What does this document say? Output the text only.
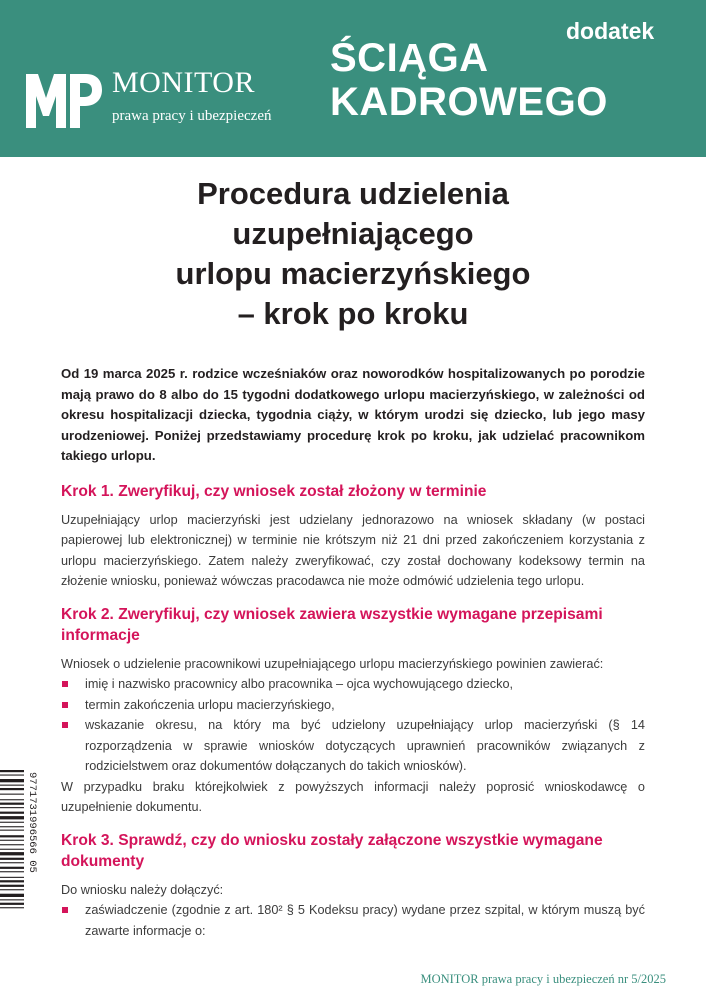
MONITOR
prawa pracy i ubezpieczeń
dodatek
ŚCIĄGA
KADROWEGO
Procedura udzielenia
uzupełniającego
urlopu macierzyńskiego
– krok po kroku

Od 19 marca 2025 r. rodzice wcześniaków oraz noworodków hospitalizowanych po porodzie mają prawo do 8 albo do 15 tygodni dodatkowego urlopu macierzyńskiego, w zależności od okresu hospitalizacji dziecka, tygodnia ciąży, w którym urodzi się dziecko, lub jego masy urodzeniowej. Poniżej przedstawiamy procedurę krok po kroku, jak udzielać pracownikom takiego urlopu.

Krok 1. Zweryfikuj, czy wniosek został złożony w terminie

Uzupełniający urlop macierzyński jest udzielany jednorazowo na wniosek składany (w postaci papierowej lub elektronicznej) w terminie nie krótszym niż 21 dni przed zakończeniem korzystania z urlopu macierzyńskiego. Zatem należy zweryfikować, czy został dochowany kodeksowy termin na złożenie wniosku, ponieważ wówczas pracodawca nie może odmówić udzielenia tego urlopu.

Krok 2. Zweryfikuj, czy wniosek zawiera wszystkie wymagane przepisami informacje

Wniosek o udzielenie pracownikowi uzupełniającego urlopu macierzyńskiego powinien zawierać:

imię i nazwisko pracownicy albo pracownika – ojca wychowującego dziecko,
termin zakończenia urlopu macierzyńskiego,
wskazanie okresu, na który ma być udzielony uzupełniający urlop macierzyński (§ 14 rozporządzenia w sprawie wniosków dotyczących uprawnień pracowników związanych z rodzicielstwem oraz dokumentów dołączanych do takich wniosków).

W przypadku braku którejkolwiek z powyższych informacji należy poprosić wnioskodawcę o uzupełnienie dokumentu.

Krok 3. Sprawdź, czy do wniosku zostały załączone wszystkie wymagane dokumenty

Do wniosku należy dołączyć:

zaświadczenie (zgodnie z art. 180² § 5 Kodeksu pracy) wydane przez szpital, w którym muszą być zawarte informacje o:
9771731996566 05
MONITOR prawa pracy i ubezpieczeń nr 5/2025
